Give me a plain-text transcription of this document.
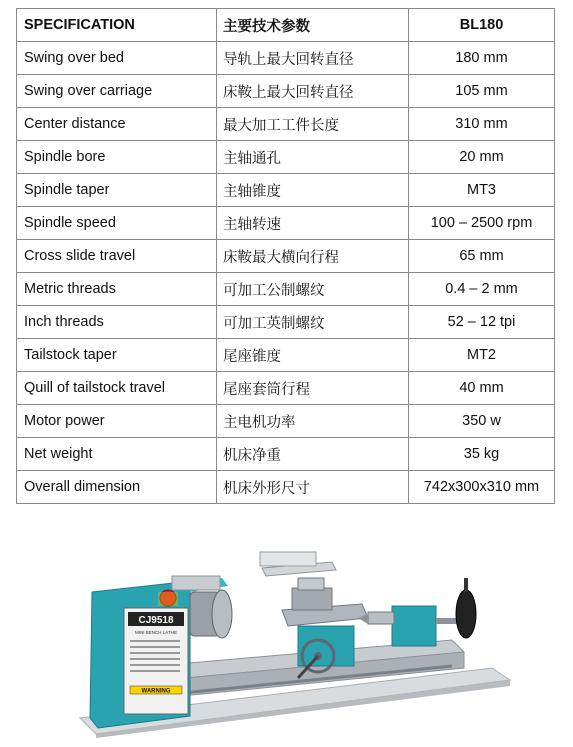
SPECIFICATION	主要技术参数	BL180
Swing over bed	导轨上最大回转直径	180 mm
Swing over carriage	床鞍上最大回转直径	105 mm
Center distance	最大加工工件长度	310 mm
Spindle bore	主轴通孔	20 mm
Spindle taper	主轴锥度	MT3
Spindle speed	主轴转速	100 – 2500 rpm
Cross slide travel	床鞍最大横向行程	65 mm
Metric threads	可加工公制螺纹	0.4 – 2 mm
Inch threads	可加工英制螺纹	52 – 12 tpi
Tailstock taper	尾座锥度	MT2
Quill of tailstock travel	尾座套筒行程	40 mm
Motor power	主电机功率	350 w
Net weight	机床净重	35 kg
Overall dimension	机床外形尺寸	742x300x310 mm
CJ9518
MINI BENCH LATHE
WARNING
